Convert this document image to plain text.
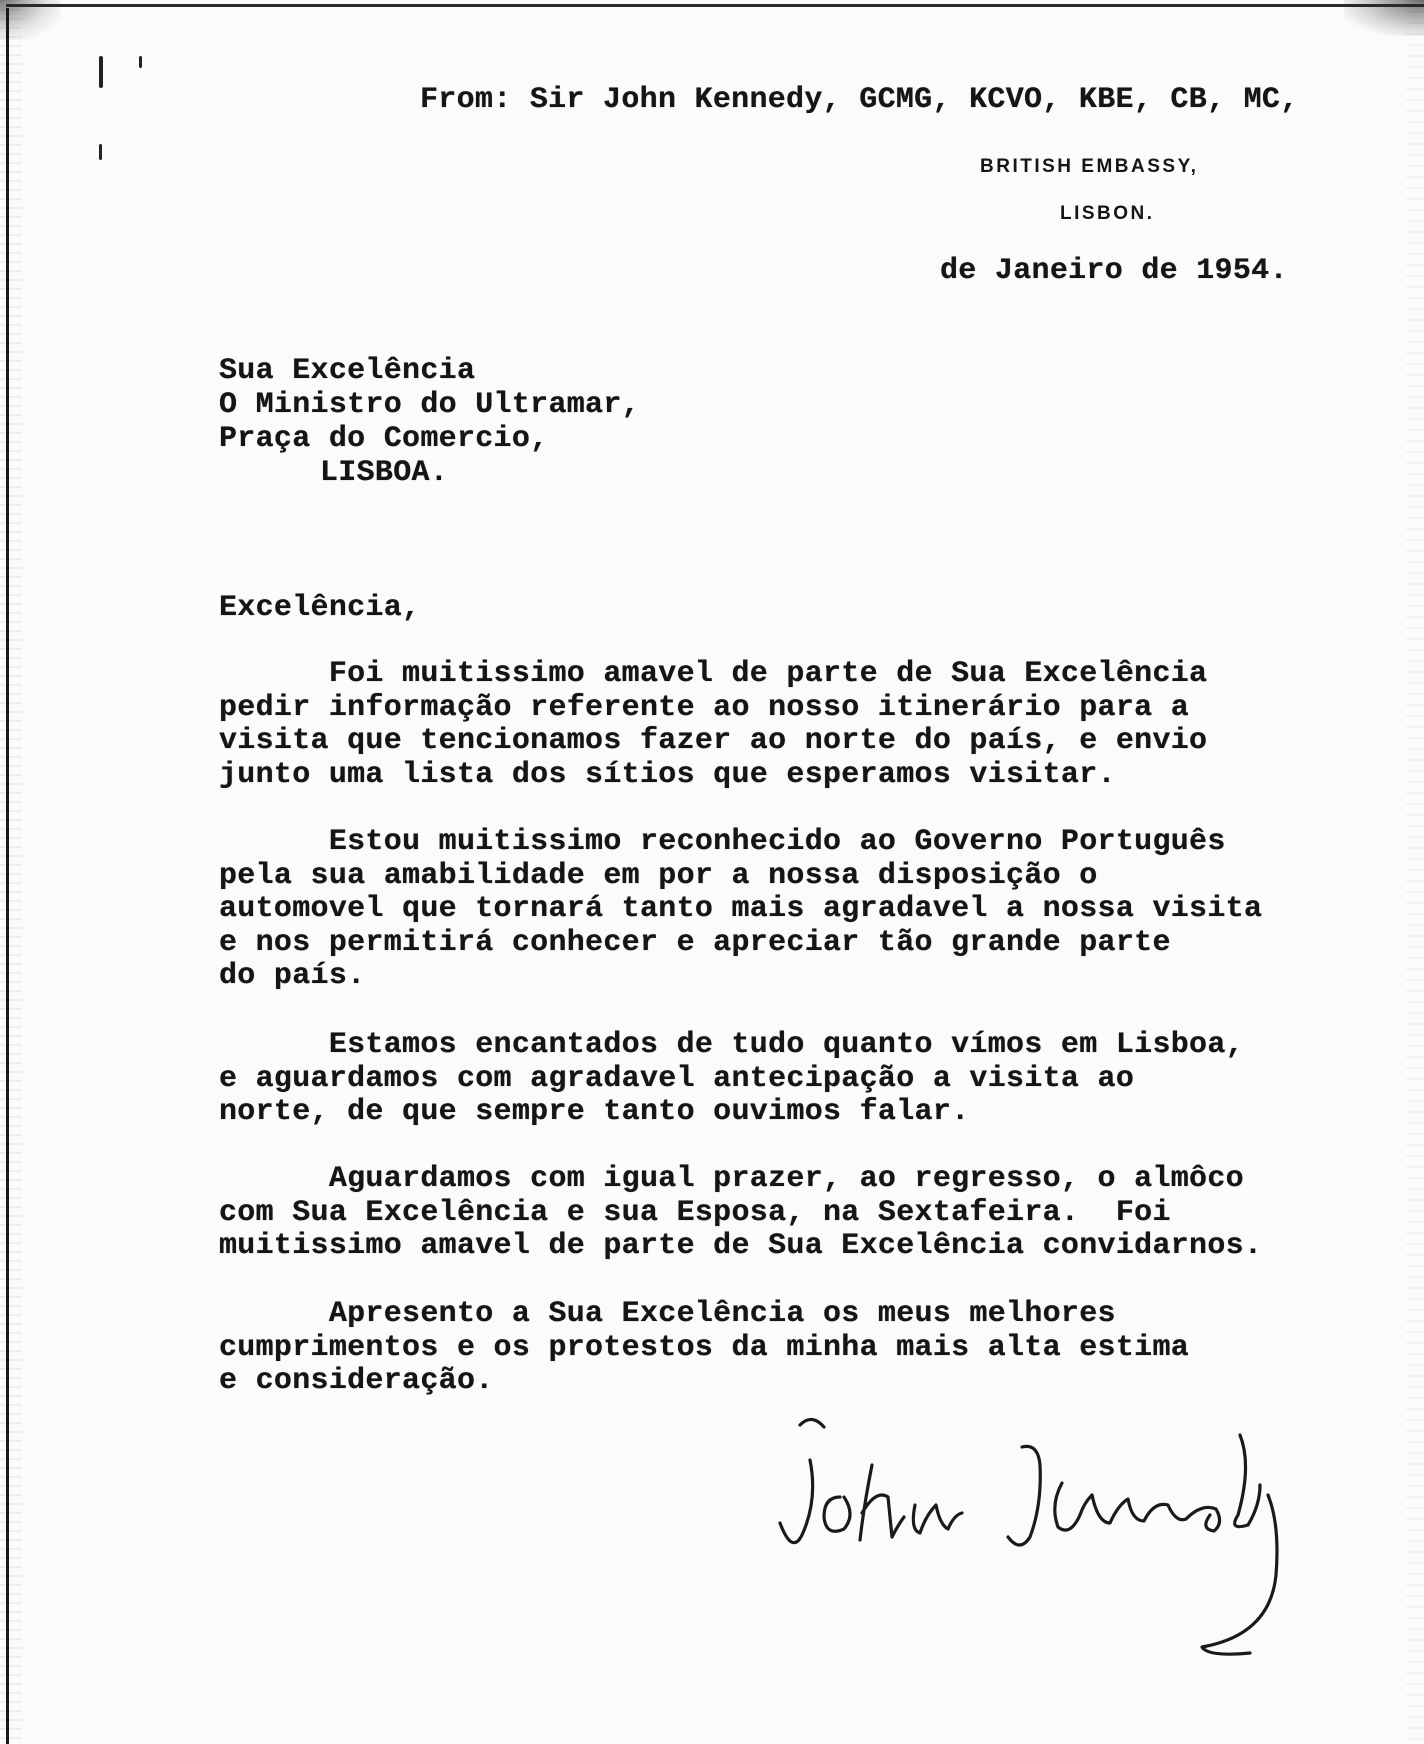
From: Sir John Kennedy, GCMG, KCVO, KBE, CB, MC,
BRITISH EMBASSY,
LISBON.
de Janeiro de 1954.
Sua Excelência
O Ministro do Ultramar,
Praça do Comercio,
LISBOA.
Excelência,
Foi muitissimo amavel de parte de Sua Excelência
pedir informação referente ao nosso itinerário para a
visita que tencionamos fazer ao norte do país, e envio
junto uma lista dos sítios que esperamos visitar.
Estou muitissimo reconhecido ao Governo Português
pela sua amabilidade em por a nossa disposição o
automovel que tornará tanto mais agradavel a nossa visita
e nos permitirá conhecer e apreciar tão grande parte
do país.
Estamos encantados de tudo quanto vímos em Lisboa,
e aguardamos com agradavel antecipação a visita ao
norte, de que sempre tanto ouvimos falar.
Aguardamos com igual prazer, ao regresso, o almôco
com Sua Excelência e sua Esposa, na Sextafeira.  Foi
muitissimo amavel de parte de Sua Excelência convidarnos.
Apresento a Sua Excelência os meus melhores
cumprimentos e os protestos da minha mais alta estima
e consideração.
